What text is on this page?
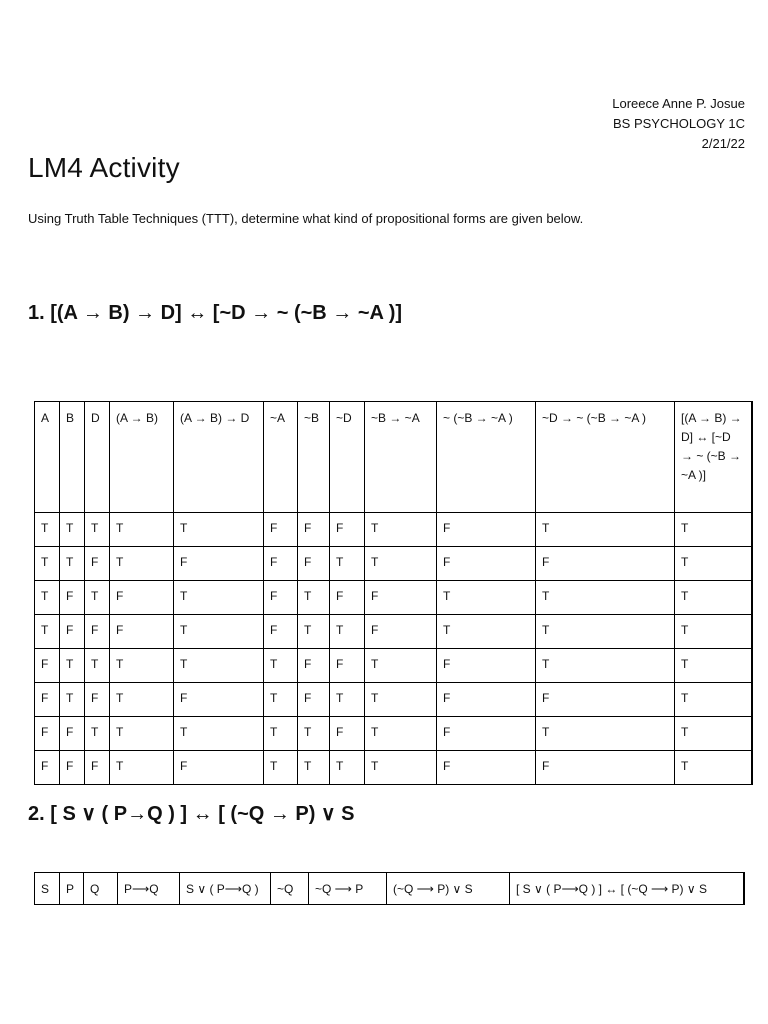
Loreece Anne P. Josue
BS PSYCHOLOGY 1C
2/21/22
LM4 Activity
Using Truth Table Techniques (TTT), determine what kind of propositional forms are given below.
1. [(A → B) → D] ↔ [~D → ~ (~B → ~A )]
A	B	D	(A → B)	(A → B) → D	~A	~B	~D	~B → ~A	~ (~B → ~A )	~D → ~ (~B → ~A )	[(A → B) → D] ↔ [~D → ~ (~B → ~A )]
T	T	T	T	T	F	F	F	T	F	T	T
T	T	F	T	F	F	F	T	T	F	F	T
T	F	T	F	T	F	T	F	F	T	T	T
T	F	F	F	T	F	T	T	F	T	T	T
F	T	T	T	T	T	F	F	T	F	T	T
F	T	F	T	F	T	F	T	T	F	F	T
F	F	T	T	T	T	T	F	T	F	T	T
F	F	F	T	F	T	T	T	T	F	F	T
2. [ S ∨ ( P→Q ) ] ↔ [ (~Q → P) ∨ S
S	P	Q	P⟶Q	S ∨ ( P⟶Q )	~Q	~Q ⟶ P	(~Q ⟶ P) ∨ S	[ S ∨ ( P⟶Q ) ] ↔ [ (~Q ⟶ P) ∨ S
